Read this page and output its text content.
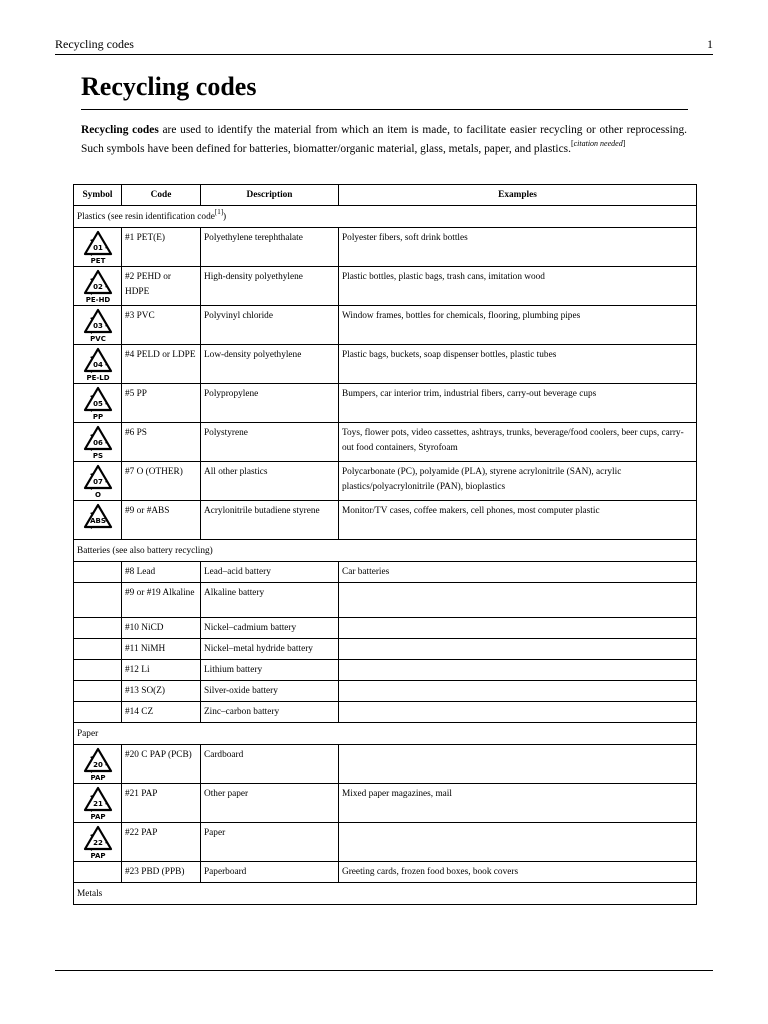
Recycling codes	1
Recycling codes

Recycling codes are used to identify the material from which an item is made, to facilitate easier recycling or other reprocessing. Such symbols have been defined for batteries, biomatter/organic material, glass, metals, paper, and plastics.[citation needed]

Symbol	Code	Description	Examples
Plastics (see resin identification code[1])			

01
PET	#1 PET(E)	Polyethylene terephthalate	Polyester fibers, soft drink bottles

02
PE-HD	#2 PEHD or HDPE	High-density polyethylene	Plastic bottles, plastic bags, trash cans, imitation wood

03
PVC	#3 PVC	Polyvinyl chloride	Window frames, bottles for chemicals, flooring, plumbing pipes

04
PE-LD	#4 PELD or LDPE	Low-density polyethylene	Plastic bags, buckets, soap dispenser bottles, plastic tubes

05
PP	#5 PP	Polypropylene	Bumpers, car interior trim, industrial fibers, carry-out beverage cups

06
PS	#6 PS	Polystyrene	Toys, flower pots, video cassettes, ashtrays, trunks, beverage/food coolers, beer cups, carry-out food containers, Styrofoam

07
O	#7 O (OTHER)	All other plastics	Polycarbonate (PC), polyamide (PLA), styrene acrylonitrile (SAN), acrylic plastics/polyacrylonitrile (PAN), bioplastics

ABS	#9 or #ABS	Acrylonitrile butadiene styrene	Monitor/TV cases, coffee makers, cell phones, most computer plastic
Batteries (see also battery recycling)			
	#8 Lead	Lead–acid battery	Car batteries
	#9 or #19 Alkaline	Alkaline battery	
	#10 NiCD	Nickel–cadmium battery	
	#11 NiMH	Nickel–metal hydride battery	
	#12 Li	Lithium battery	
	#13 SO(Z)	Silver-oxide battery	
	#14 CZ	Zinc–carbon battery	
Paper			

20
PAP	#20 C PAP (PCB)	Cardboard	

21
PAP	#21 PAP	Other paper	Mixed paper magazines, mail

22
PAP	#22 PAP	Paper	
	#23 PBD (PPB)	Paperboard	Greeting cards, frozen food boxes, book covers
Metals			
